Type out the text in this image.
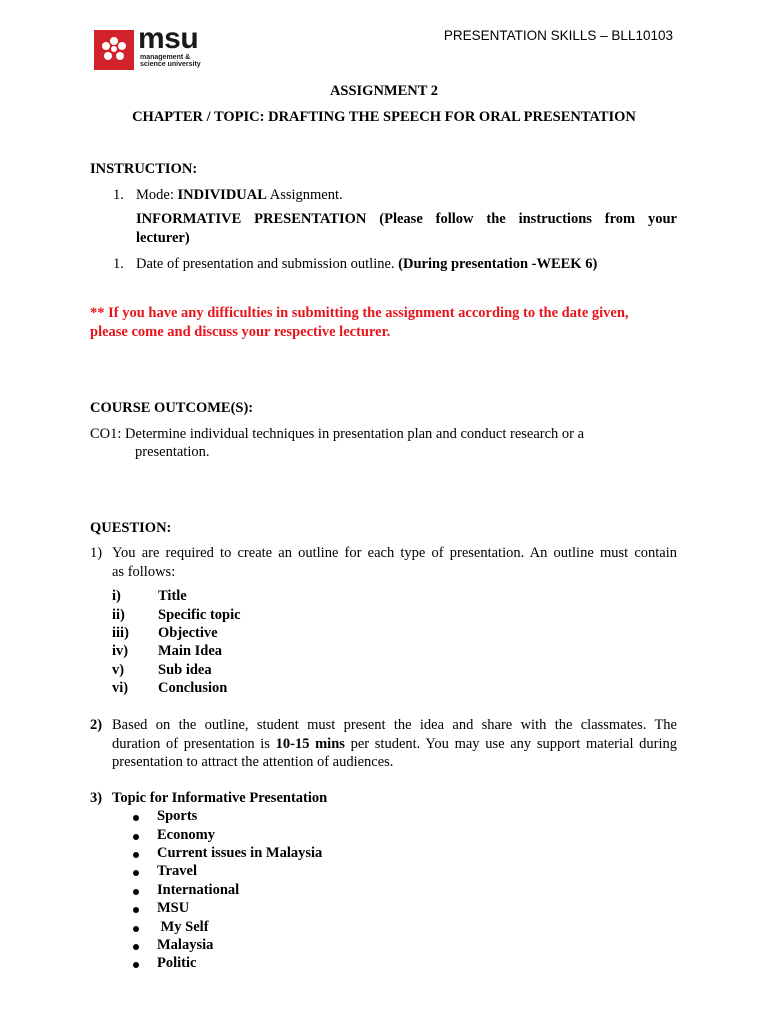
msu
management &
science university
PRESENTATION SKILLS – BLL10103
ASSIGNMENT 2
CHAPTER / TOPIC: DRAFTING THE SPEECH FOR ORAL PRESENTATION
INSTRUCTION:
1. Mode: INDIVIDUAL Assignment.
INFORMATIVE PRESENTATION (Please follow the instructions from your
lecturer)
1. Date of presentation and submission outline. (During presentation -WEEK 6)
** If you have any difficulties in submitting the assignment according to the date given,
please come and discuss your respective lecturer.
COURSE OUTCOME(S):
CO1: Determine individual techniques in presentation plan and conduct research or a
presentation.
QUESTION:
1) You are required to create an outline for each type of presentation. An outline must contain
as follows:
i)	Title
ii) Specific topic
iii) Objective
iv) Main Idea
v) Sub idea
vi) Conclusion
2) Based on the outline, student must present the idea and share with the classmates. The
duration of presentation is 10-15 mins per student. You may use any support material during
presentation to attract the attention of audiences.
3) Topic for Informative Presentation
Sports
Economy
Current issues in Malaysia
Travel
International
MSU
My Self
Malaysia
Politic
